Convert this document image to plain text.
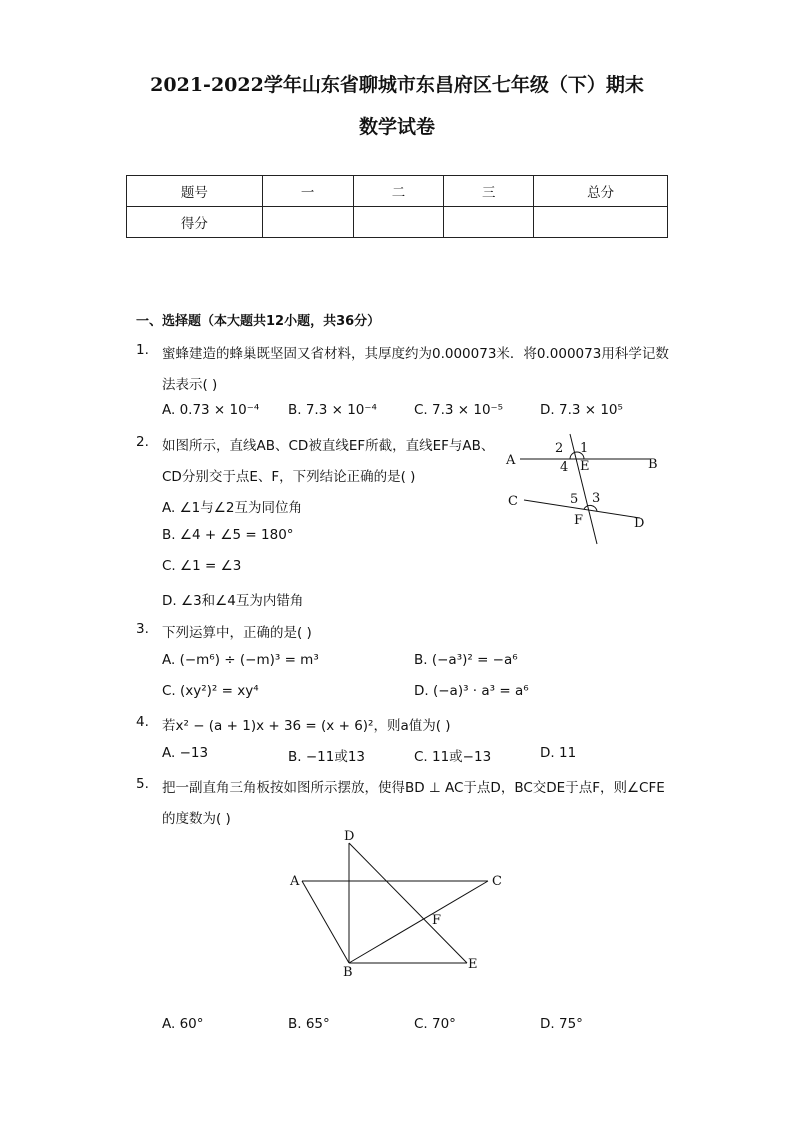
2021-2022学年山东省聊城市东昌府区七年级（下）期末
数学试卷
题号	一	二	三	总分
得分				
一、选择题（本大题共12小题，共36分）
1. 蜜蜂建造的蜂巢既坚固又省材料，其厚度约为0.000073米．将0.000073用科学记数
法表示( )
A. 0.73 × 10⁻⁴ B. 7.3 × 10⁻⁴	C. 7.3 × 10⁻⁵	D. 7.3 × 10⁵
2. 如图所示，直线AB、CD被直线EF所截，直线EF与AB、
CD分别交于点E、F，下列结论正确的是( )
A. ∠1与∠2互为同位角
B. ∠4 + ∠5 = 180°
C. ∠1 = ∠3
D. ∠3和∠4互为内错角
A	B
C
D
E
F
1
2
3
4
5
3. 下列运算中，正确的是( )
A. (−m⁶) ÷ (−m)³ = m³	B. (−a³)² = −a⁶
C. (xy²)² = xy⁴	D. (−a)³ · a³ = a⁶
4. 若x² − (a + 1)x + 36 = (x + 6)²，则a值为( )
A. −13	B. −11或13	C. 11或−13	D. 11
5. 把一副直角三角板按如图所示摆放，使得BD ⊥ AC于点D，BC交DE于点F，则∠CFE
的度数为( )
D
A	C
F
B
E
A. 60°	B. 65°	C. 70°	D. 75°
